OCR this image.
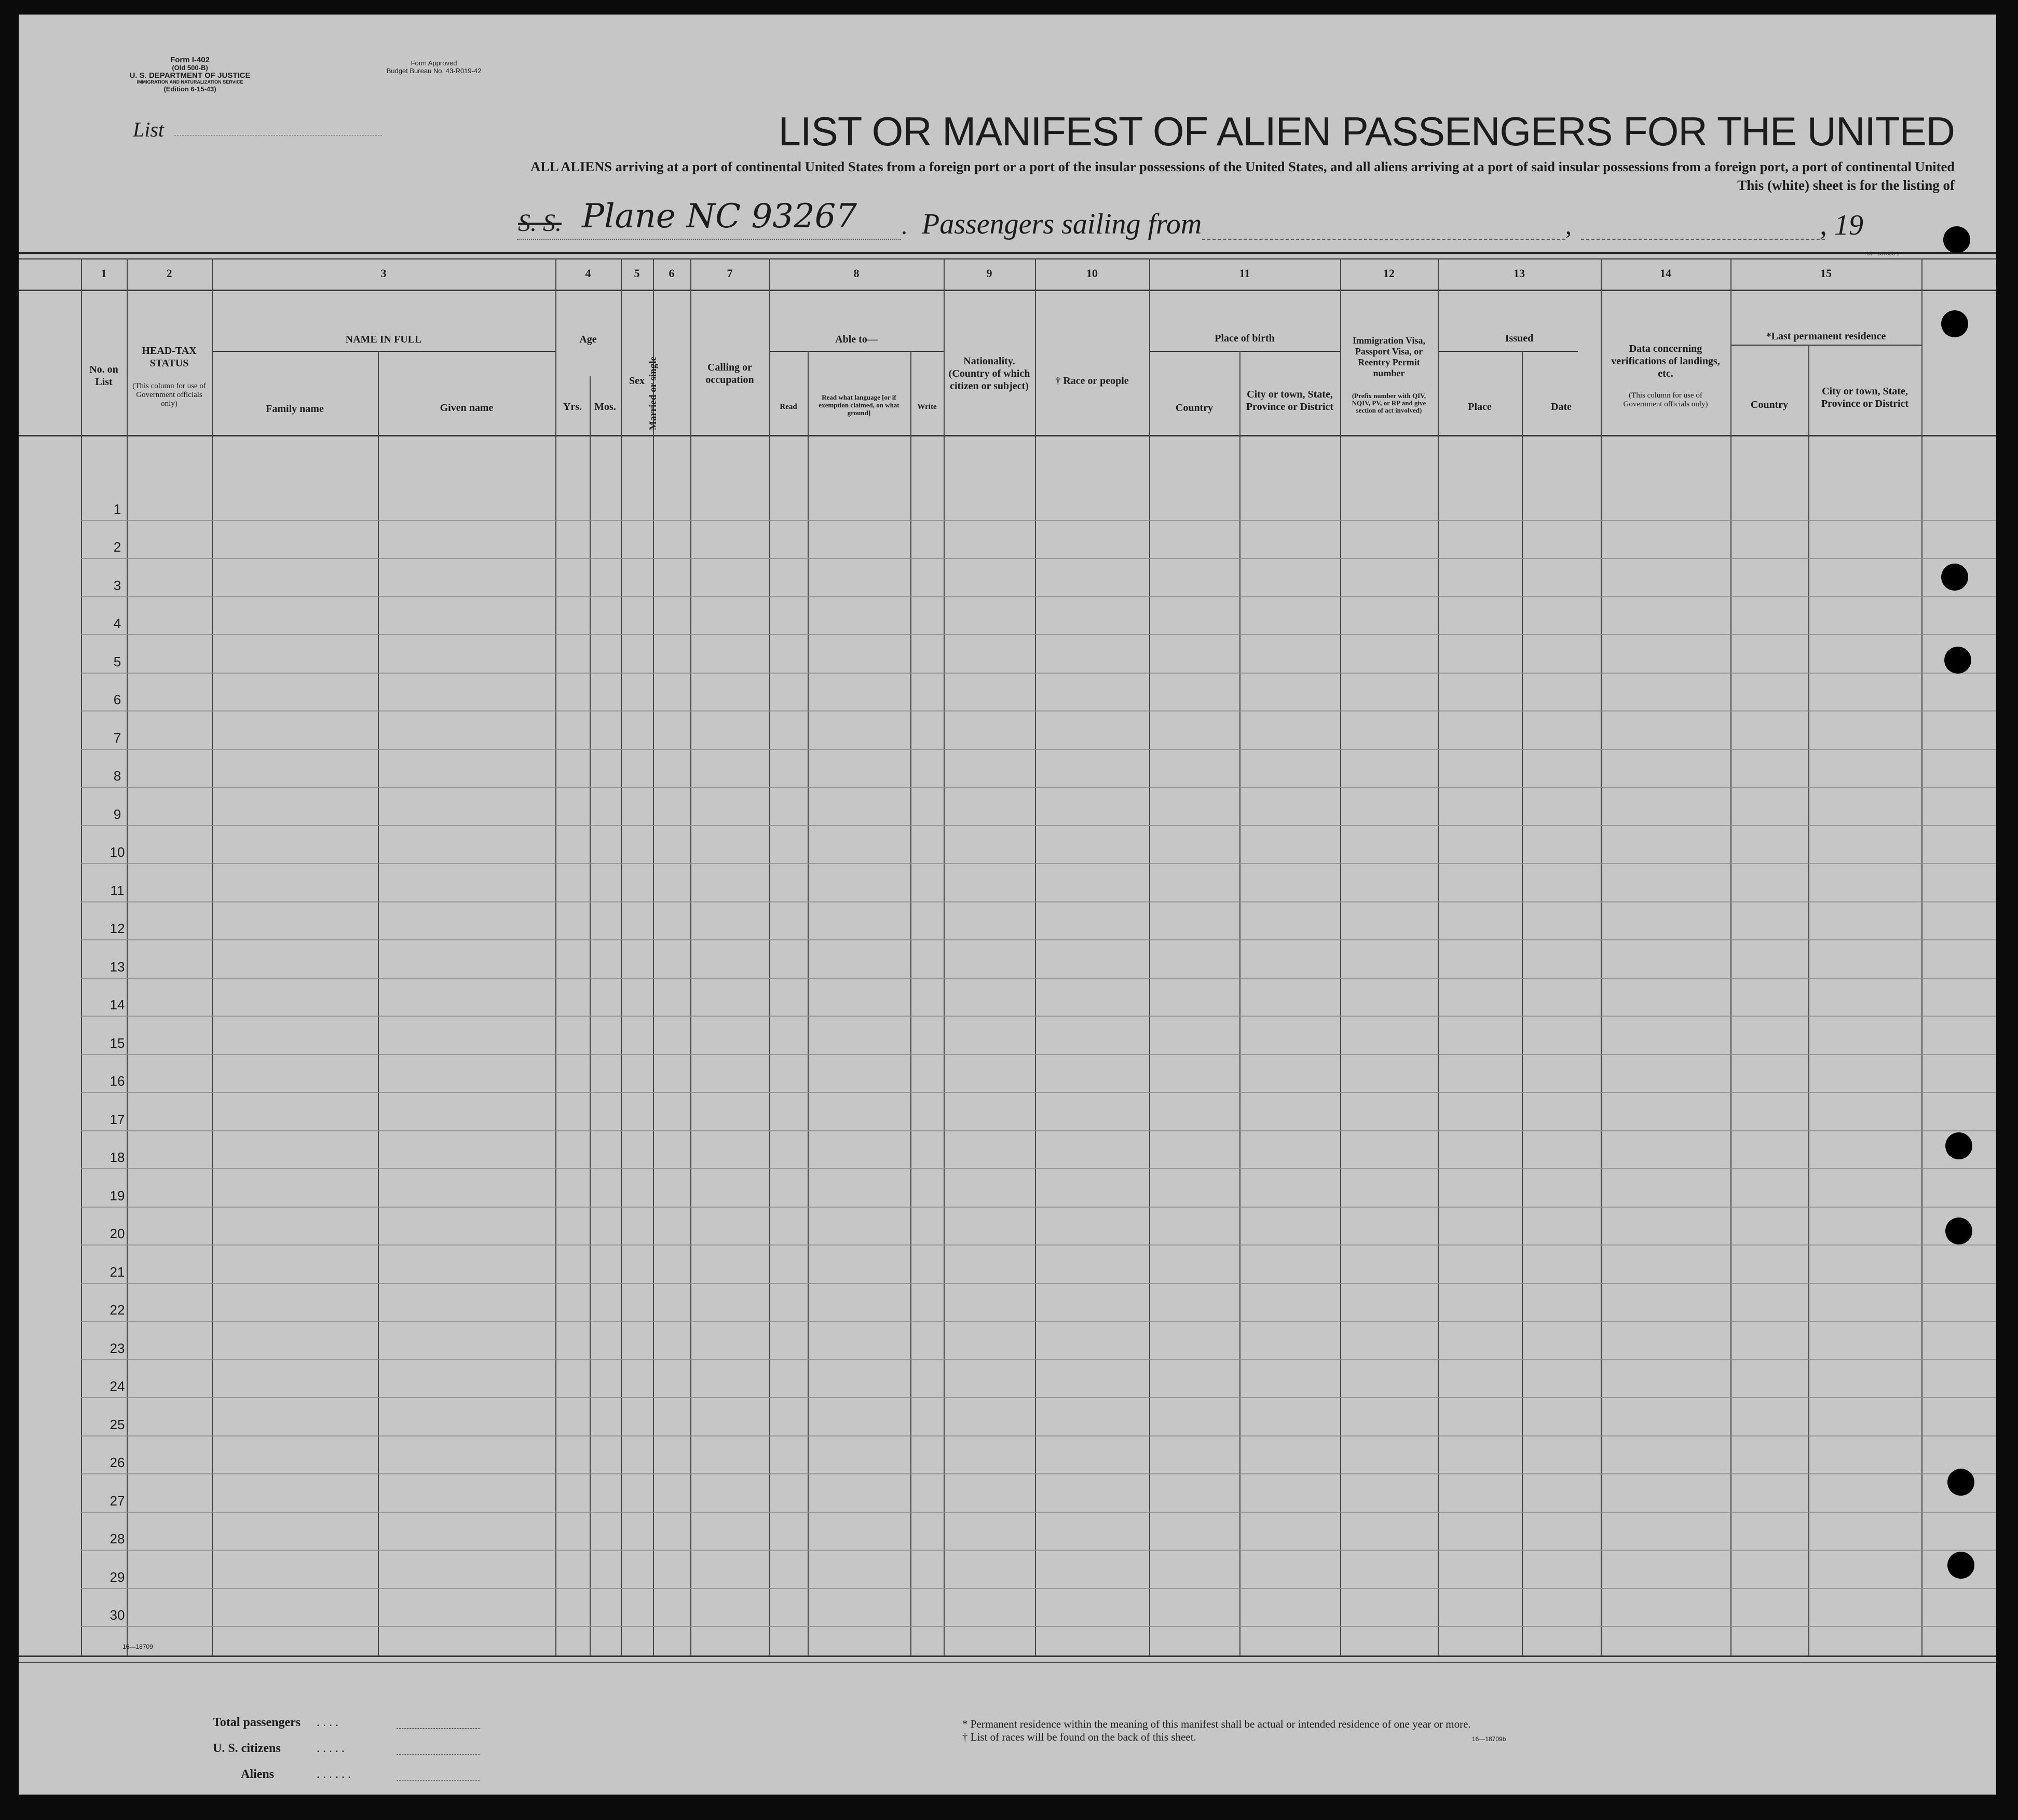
Form I-402
(Old 500-B)
U. S. DEPARTMENT OF JUSTICE
IMMIGRATION AND NATURALIZATION SERVICE
(Edition 6-15-43)
Form Approved
Budget Bureau No. 43-R019-42
List	LIST OR MANIFEST OF ALIEN PASSENGERS FOR THE UNITED
ALL ALIENS arriving at a port of continental United States from a foreign port or a port of the insular possessions of the United States, and all aliens arriving at a port of said insular possessions from a foreign port, a port of continental United
This (white) sheet is for the listing of
S. S. Plane NC 93267 . Passengers sailing from	,	, 19
16—18709b-1
1	2	3	4	5	6	7	8	9	10	11	12	13	14	15
No. on List
HEAD-TAX STATUS
(This column for use of Government officials only)
NAME IN FULL
Family name	Given name
Age
Yrs.	Mos.
Sex Married or single	Calling or occupation
Able to—
Read
Read what language [or if exemption claimed, on what ground]
Write
Nationality. (Country of which citizen or subject)	† Race or people
Place of birth
Country
City or town, State, Province or District
Immigration Visa, Passport Visa, or Reentry Permit number
(Prefix number with QIV, NQIV, PV, or RP and give section of act involved)
Issued
Place	Date
Data concerning verifications of landings, etc.
(This column for use of Government officials only)
*Last permanent residence
Country
City or town, State, Province or District
1
2
3
4
5
6
7
8
9
10
11
12
13
14
15
16
17
18
19
20
21
22
23
24
25
26
27
28
29
30
16—18709
Total passengers . . . .
U. S. citizens	. . . . .
Aliens	. . . . . .
* Permanent residence within the meaning of this manifest shall be actual or intended residence of one year or more.
† List of races will be found on the back of this sheet.	16—18709b
